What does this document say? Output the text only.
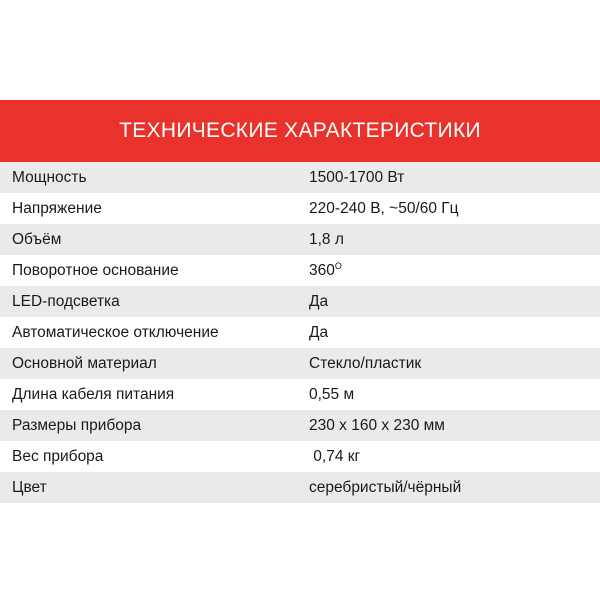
ТЕХНИЧЕСКИЕ ХАРАКТЕРИСТИКИ
Мощность	1500-1700 Вт
Напряжение	220-240 В, ~50/60 Гц
Объём	1,8 л
Поворотное основание	$360^O$
LED-подсветка	Да
Автоматическое отключение	Да
Основной материал	Стекло/пластик
Длина кабеля питания	0,55 м
Размеры прибора	230 х 160 х 230 мм
Вес прибора	0,74 кг
Цвет	серебристый/чёрный
